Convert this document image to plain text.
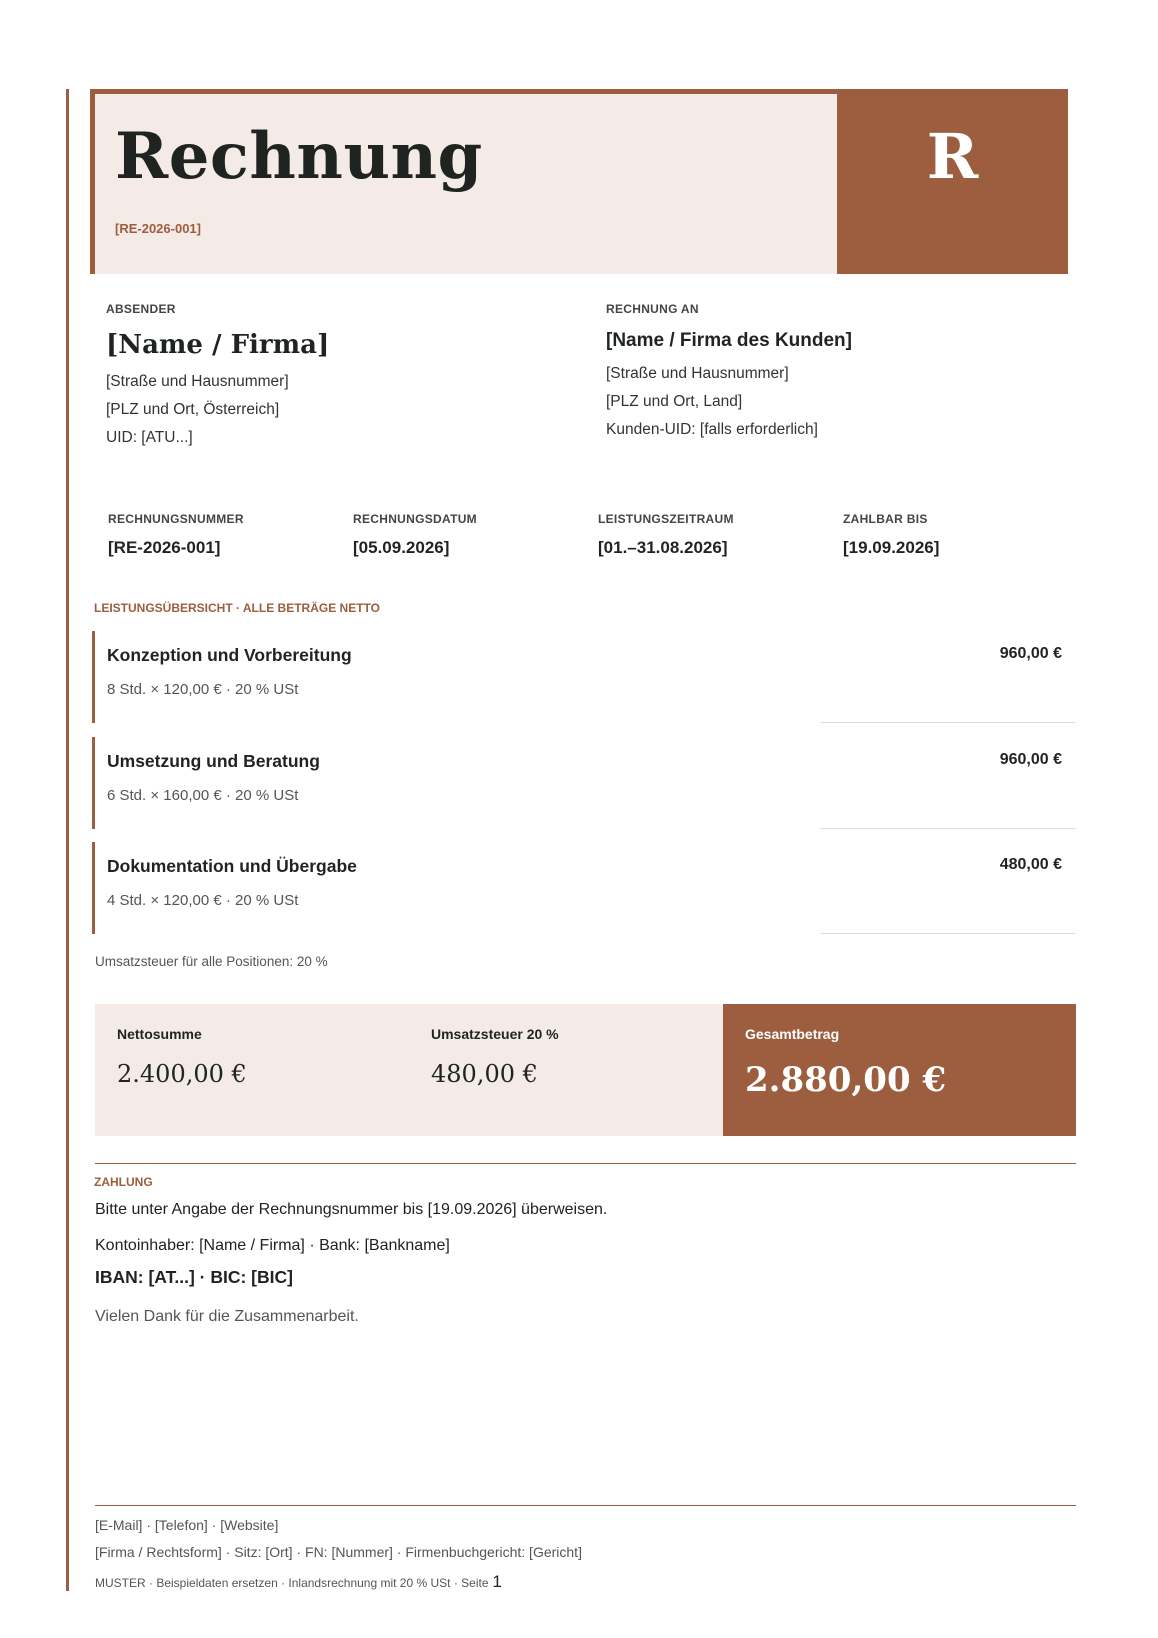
Rechnung
[RE-2026-001]
R
ABSENDER
[Name / Firma]
[Straße und Hausnummer]
[PLZ und Ort, Österreich]
UID: [ATU...]
RECHNUNG AN
[Name / Firma des Kunden]
[Straße und Hausnummer]
[PLZ und Ort, Land]
Kunden-UID: [falls erforderlich]
RECHNUNGSNUMMER
[RE-2026-001]
RECHNUNGSDATUM
[05.09.2026]
LEISTUNGSZEITRAUM
[01.–31.08.2026]
ZAHLBAR BIS
[19.09.2026]
LEISTUNGSÜBERSICHT · ALLE BETRÄGE NETTO
Konzeption und Vorbereitung
8 Std. × 120,00 € · 20 % USt
960,00 €
Umsetzung und Beratung
6 Std. × 160,00 € · 20 % USt
960,00 €
Dokumentation und Übergabe
4 Std. × 120,00 € · 20 % USt
480,00 €
Umsatzsteuer für alle Positionen: 20 %
Nettosumme
2.400,00 €
Umsatzsteuer 20 %
480,00 €
Gesamtbetrag
2.880,00 €
ZAHLUNG
Bitte unter Angabe der Rechnungsnummer bis [19.09.2026] überweisen.
Kontoinhaber: [Name / Firma] · Bank: [Bankname]
IBAN: [AT...] · BIC: [BIC]
Vielen Dank für die Zusammenarbeit.
[E-Mail] · [Telefon] · [Website]
[Firma / Rechtsform] · Sitz: [Ort] · FN: [Nummer] · Firmenbuchgericht: [Gericht]
MUSTER · Beispieldaten ersetzen · Inlandsrechnung mit 20 % USt · Seite 1
